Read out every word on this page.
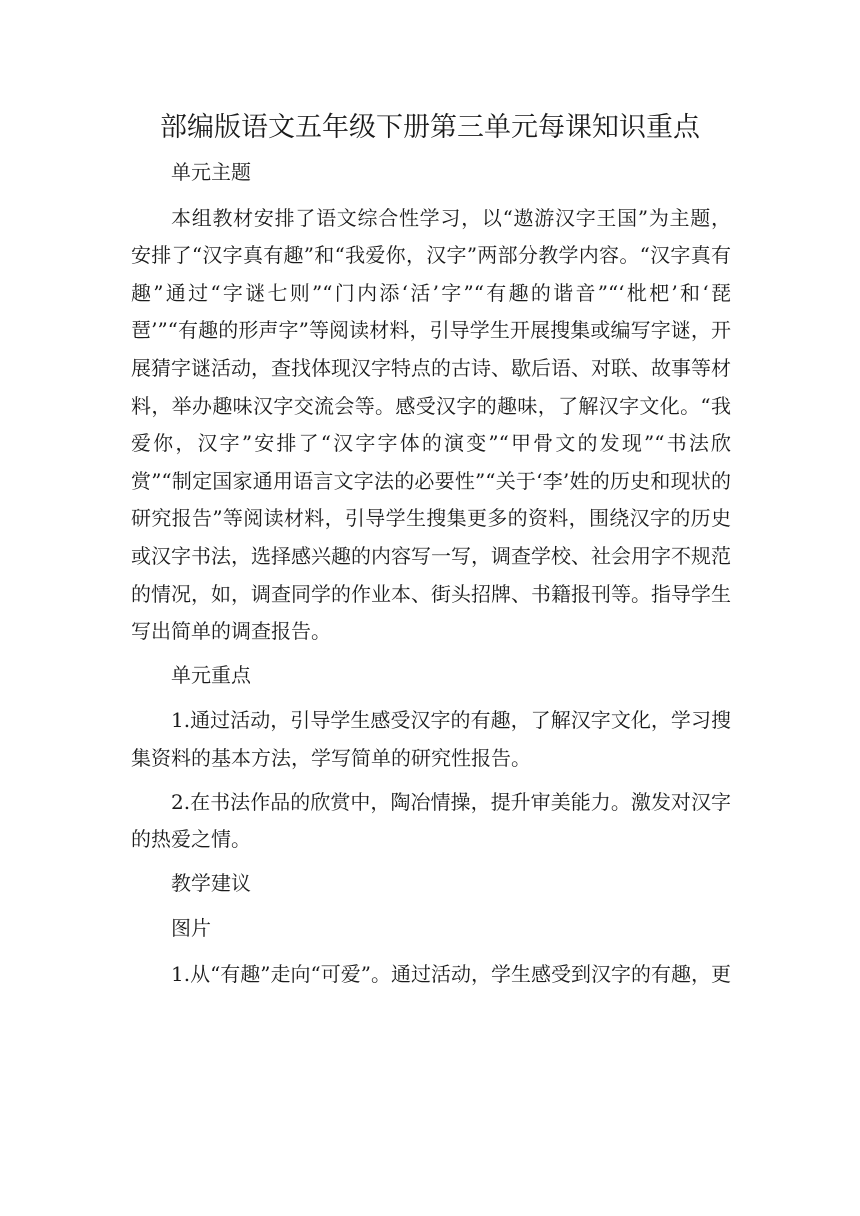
部编版语文五年级下册第三单元每课知识重点

单元主题

本组教材安排了语文综合性学习，以“遨游汉字王国”为主题，安排了“汉字真有趣”和“我爱你，汉字”两部分教学内容。“汉字真有趣”通过“字谜七则”“门内添‘活’字”“有趣的谐音”“‘枇杷’和‘琵琶’”“有趣的形声字”等阅读材料，引导学生开展搜集或编写字谜，开展猜字谜活动，查找体现汉字特点的古诗、歇后语、对联、故事等材料，举办趣味汉字交流会等。感受汉字的趣味，了解汉字文化。“我爱你，汉字”安排了“汉字字体的演变”“甲骨文的发现”“书法欣赏”“制定国家通用语言文字法的必要性”“关于‘李’姓的历史和现状的研究报告”等阅读材料，引导学生搜集更多的资料，围绕汉字的历史或汉字书法，选择感兴趣的内容写一写，调查学校、社会用字不规范的情况，如，调查同学的作业本、街头招牌、书籍报刊等。指导学生写出简单的调查报告。

单元重点

1.通过活动，引导学生感受汉字的有趣，了解汉字文化，学习搜集资料的基本方法，学写简单的研究性报告。

2.在书法作品的欣赏中，陶冶情操，提升审美能力。激发对汉字的热爱之情。

教学建议

图片

1.从“有趣”走向“可爱”。通过活动，学生感受到汉字的有趣，更
